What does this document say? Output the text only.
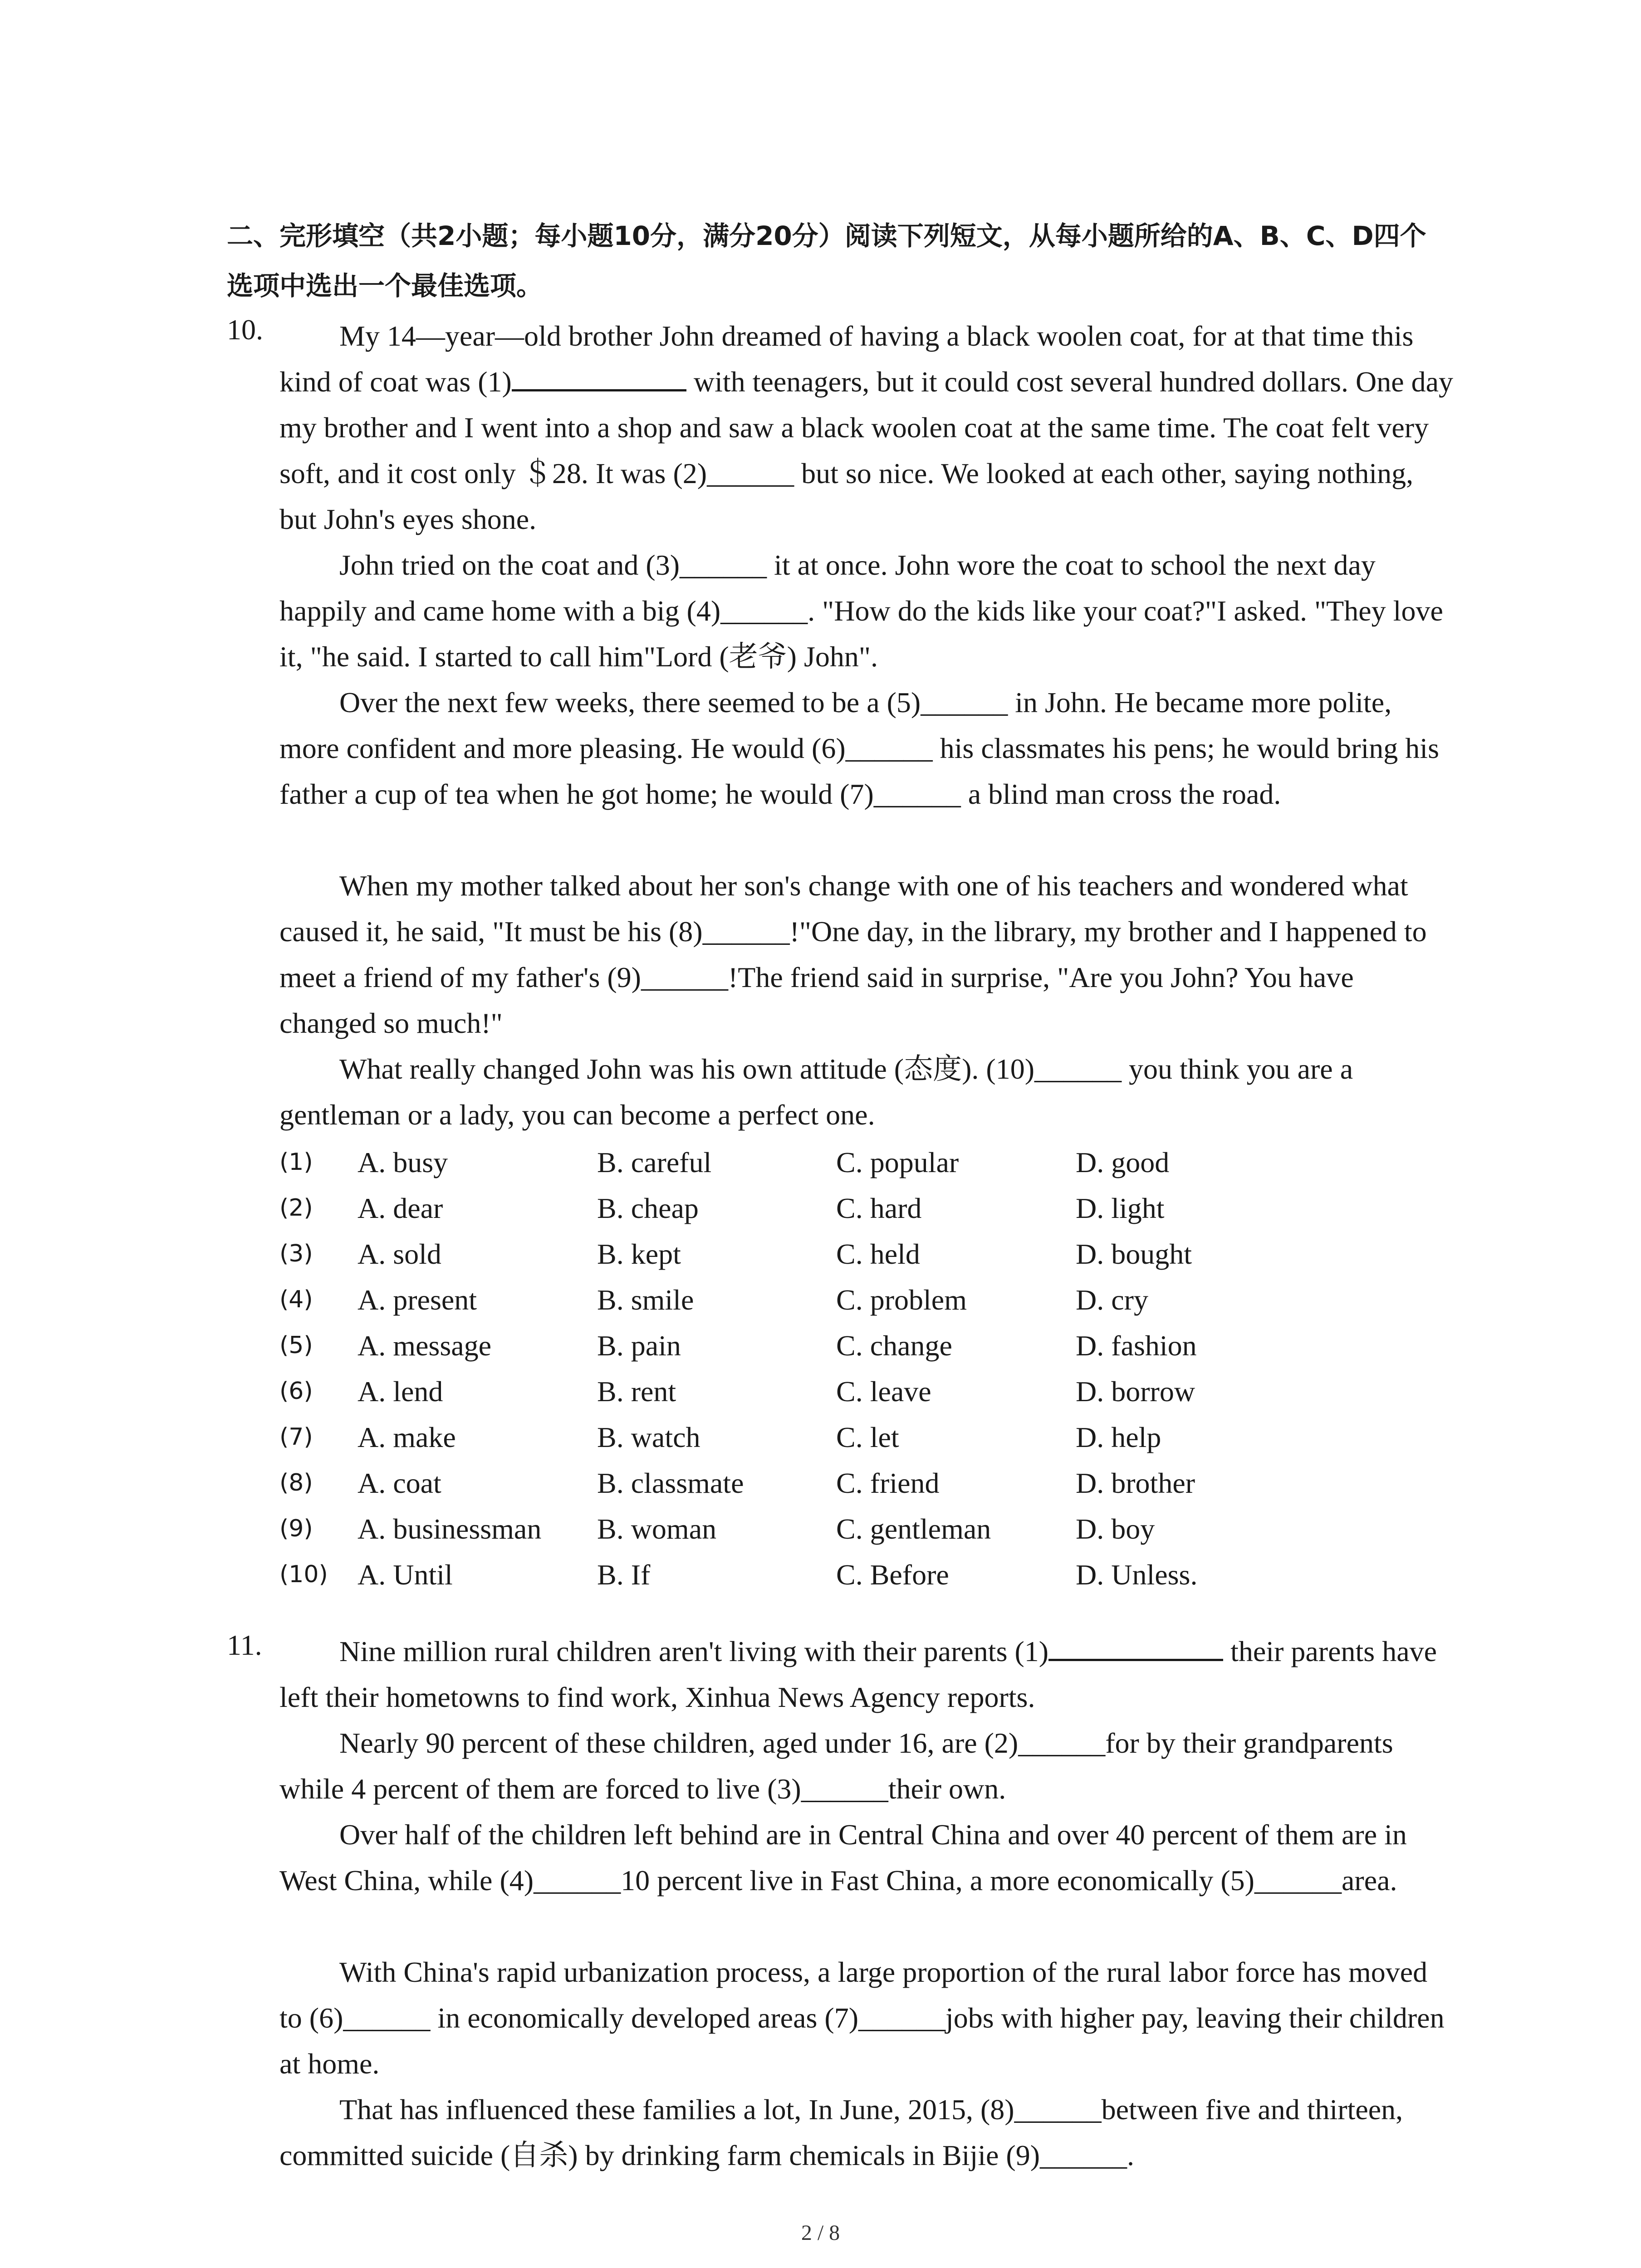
二、完形填空（共2小题；每小题10分，满分20分）阅读下列短文，从每小题所给的A、B、C、D四个选项中选出一个最佳选项。
10.	My 14—year—old brother John dreamed of having a black woolen coat, for at that time this kind of coat was (1)	with teenagers, but it could cost several hundred dollars. One day my brother and I went into a shop and saw a black woolen coat at the same time. The coat felt very soft, and it cost only ＄28. It was (2)______ but so nice. We looked at each other, saying nothing, but John's eyes shone.
John tried on the coat and (3)______ it at once. John wore the coat to school the next day happily and came home with a big (4)______. "How do the kids like your coat?"I asked. "They love it, "he said. I started to call him"Lord (老爷) John".
Over the next few weeks, there seemed to be a (5)______ in John. He became more polite, more confident and more pleasing. He would (6)______ his classmates his pens; he would bring his father a cup of tea when he got home; he would (7)______ a blind man cross the road.
When my mother talked about her son's change with one of his teachers and wondered what caused it, he said, "It must be his (8)______!"One day, in the library, my brother and I happened to meet a friend of my father's (9)______!The friend said in surprise, "Are you John? You have changed so much!"
What really changed John was his own attitude (态度). (10)______ you think you are a gentleman or a lady, you can become a perfect one.
(1) A. busy	B. careful	C. popular	D. good
(2) A. dear	B. cheap	C. hard	D. light
(3) A. sold	B. kept	C. held	D. bought
(4) A. present	B. smile	C. problem	D. cry
(5) A. message	B. pain	C. change	D. fashion
(6) A. lend	B. rent	C. leave	D. borrow
(7) A. make	B. watch	C. let	D. help
(8) A. coat	B. classmate	C. friend	D. brother
(9) A. businessman B. woman	C. gentleman	D. boy
(10) A. Until	B. If	C. Before	D. Unless.
11.	Nine million rural children aren't living with their parents (1)	their parents have left their hometowns to find work, Xinhua News Agency reports.
Nearly 90 percent of these children, aged under 16, are (2)______for by their grandparents while 4 percent of them are forced to live (3)______their own.
Over half of the children left behind are in Central China and over 40 percent of them are in West China, while (4)______10 percent live in Fast China, a more economically (5)______area.
With China's rapid urbanization process, a large proportion of the rural labor force has moved to (6)______ in economically developed areas (7)______jobs with higher pay, leaving their children at home.
That has influenced these families a lot, In June, 2015, (8)______between five and thirteen, committed suicide (自杀) by drinking farm chemicals in Bijie (9)______.
2 / 8
